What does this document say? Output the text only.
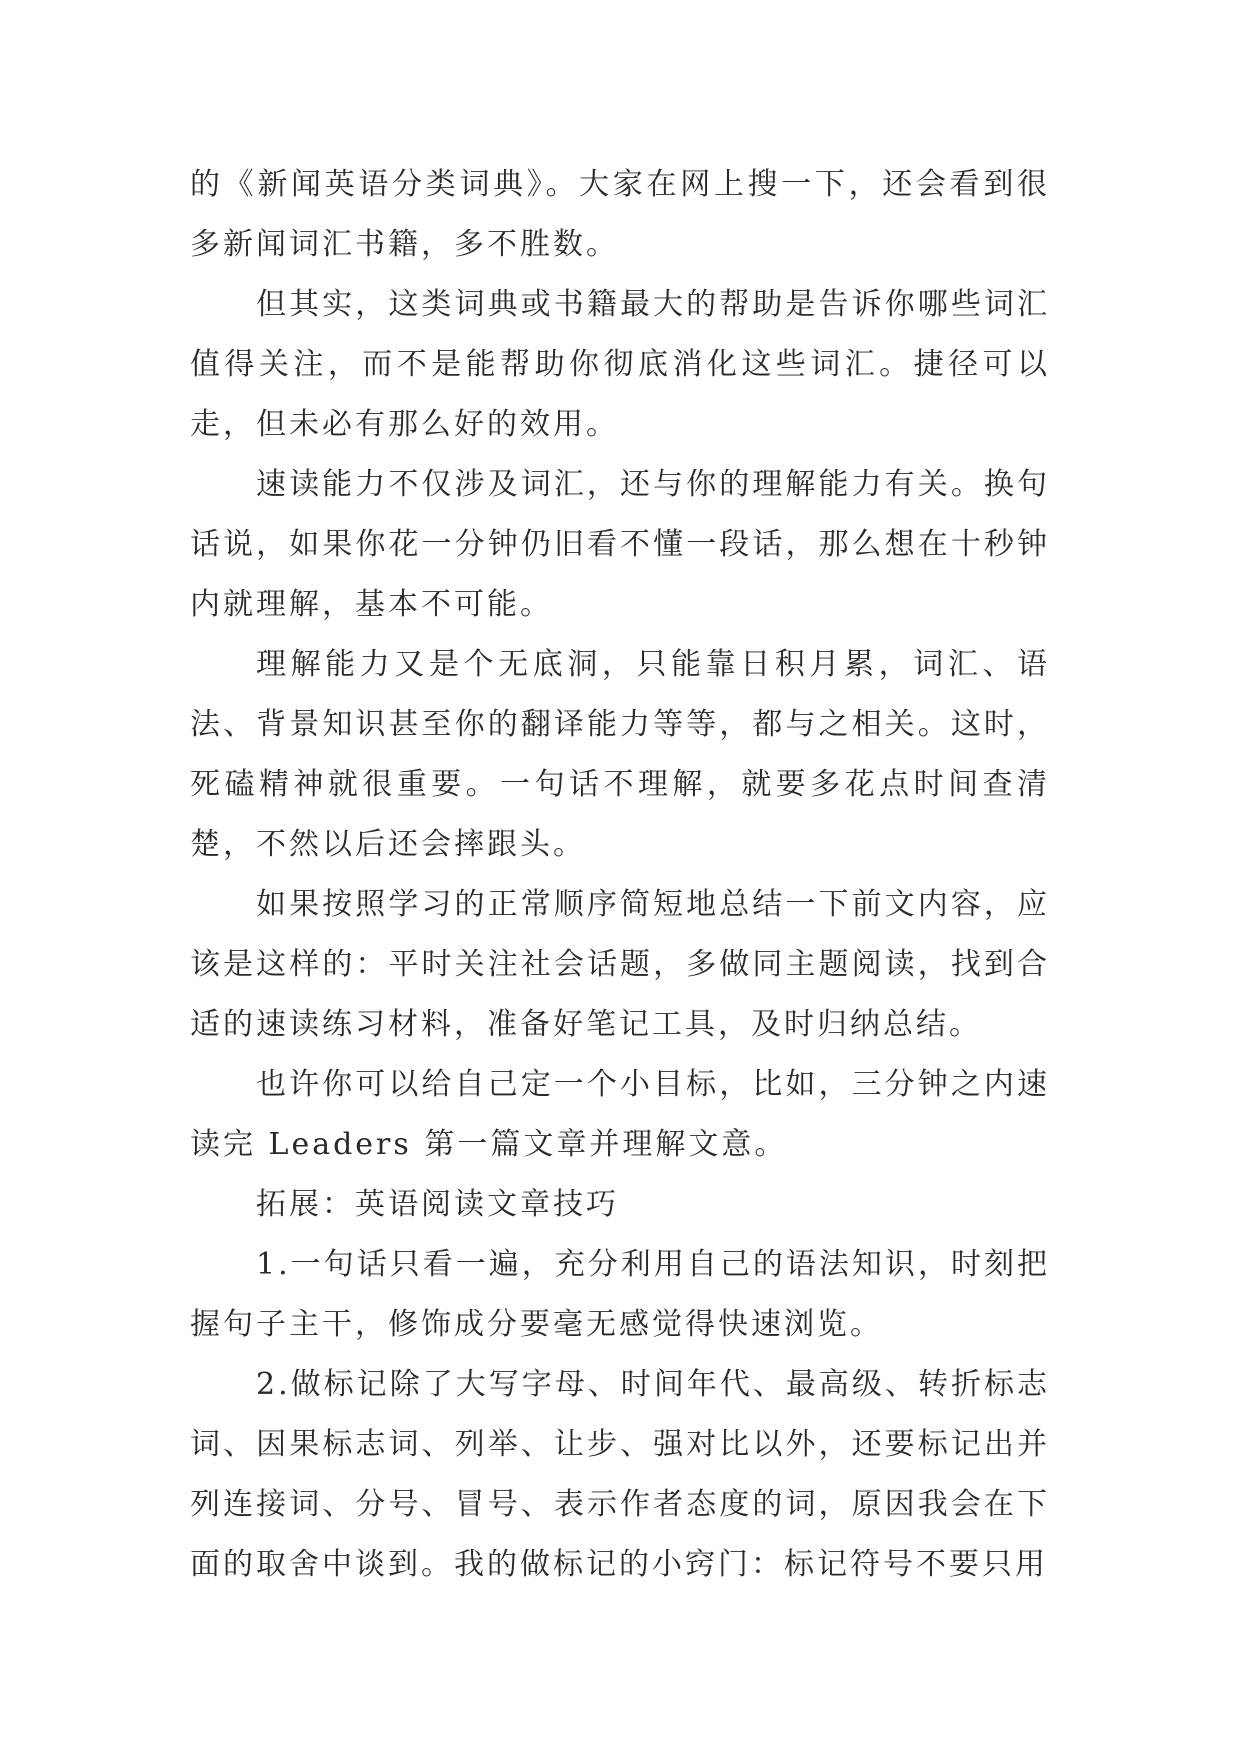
的《新闻英语分类词典》。大家在网上搜一下，还会看到很多新闻词汇书籍，多不胜数。

但其实，这类词典或书籍最大的帮助是告诉你哪些词汇值得关注，而不是能帮助你彻底消化这些词汇。捷径可以走，但未必有那么好的效用。

速读能力不仅涉及词汇，还与你的理解能力有关。换句话说，如果你花一分钟仍旧看不懂一段话，那么想在十秒钟内就理解，基本不可能。

理解能力又是个无底洞，只能靠日积月累，词汇、语法、背景知识甚至你的翻译能力等等，都与之相关。这时，死磕精神就很重要。一句话不理解，就要多花点时间查清楚，不然以后还会摔跟头。

如果按照学习的正常顺序简短地总结一下前文内容，应该是这样的：平时关注社会话题，多做同主题阅读，找到合适的速读练习材料，准备好笔记工具，及时归纳总结。

也许你可以给自己定一个小目标，比如，三分钟之内速读完 Leaders 第一篇文章并理解文意。

拓展：英语阅读文章技巧

1.一句话只看一遍，充分利用自己的语法知识，时刻把握句子主干，修饰成分要毫无感觉得快速浏览。

2.做标记除了大写字母、时间年代、最高级、转折标志词、因果标志词、列举、让步、强对比以外，还要标记出并列连接词、分号、冒号、表示作者态度的词，原因我会在下面的取舍中谈到。我的做标记的小窍门：标记符号不要只用
